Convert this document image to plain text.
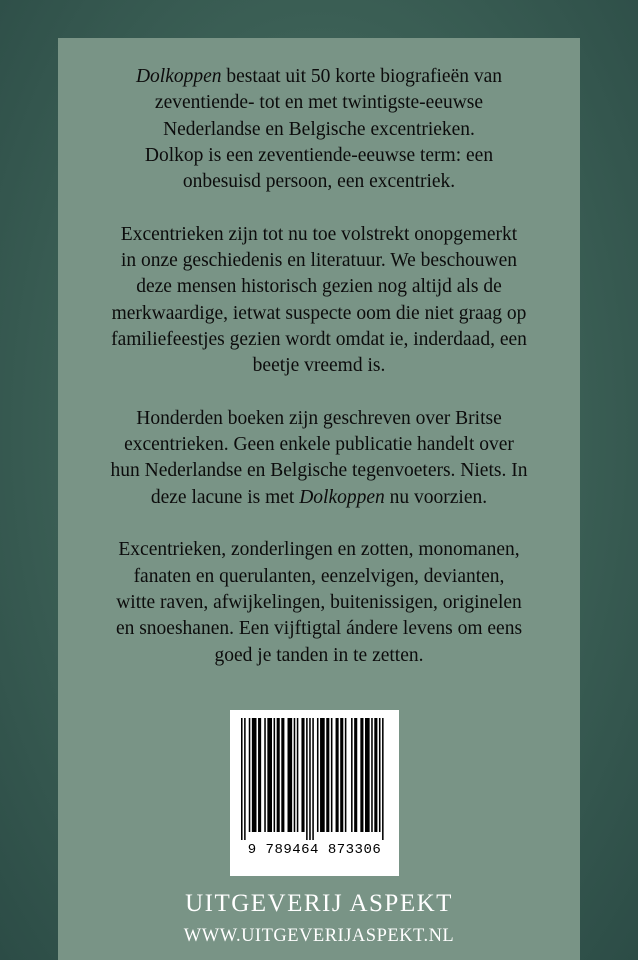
Dolkoppen bestaat uit 50 korte biografieën van
zeventiende- tot en met twintigste-eeuwse
Nederlandse en Belgische excentrieken.
Dolkop is een zeventiende-eeuwse term: een
onbesuisd persoon, een excentriek.

Excentrieken zijn tot nu toe volstrekt onopgemerkt
in onze geschiedenis en literatuur. We beschouwen
deze mensen historisch gezien nog altijd als de
merkwaardige, ietwat suspecte oom die niet graag op
familiefeestjes gezien wordt omdat ie, inderdaad, een
beetje vreemd is.

Honderden boeken zijn geschreven over Britse
excentrieken. Geen enkele publicatie handelt over
hun Nederlandse en Belgische tegenvoeters. Niets. In
deze lacune is met Dolkoppen nu voorzien.

Excentrieken, zonderlingen en zotten, monomanen,
fanaten en querulanten, eenzelvigen, devianten,
witte raven, afwijkelingen, buitenissigen, originelen
en snoeshanen. Een vijftigtal ándere levens om eens
goed je tanden in te zetten.

9 789464 873306
UITGEVERIJ ASPEKT
WWW.UITGEVERIJASPEKT.NL
